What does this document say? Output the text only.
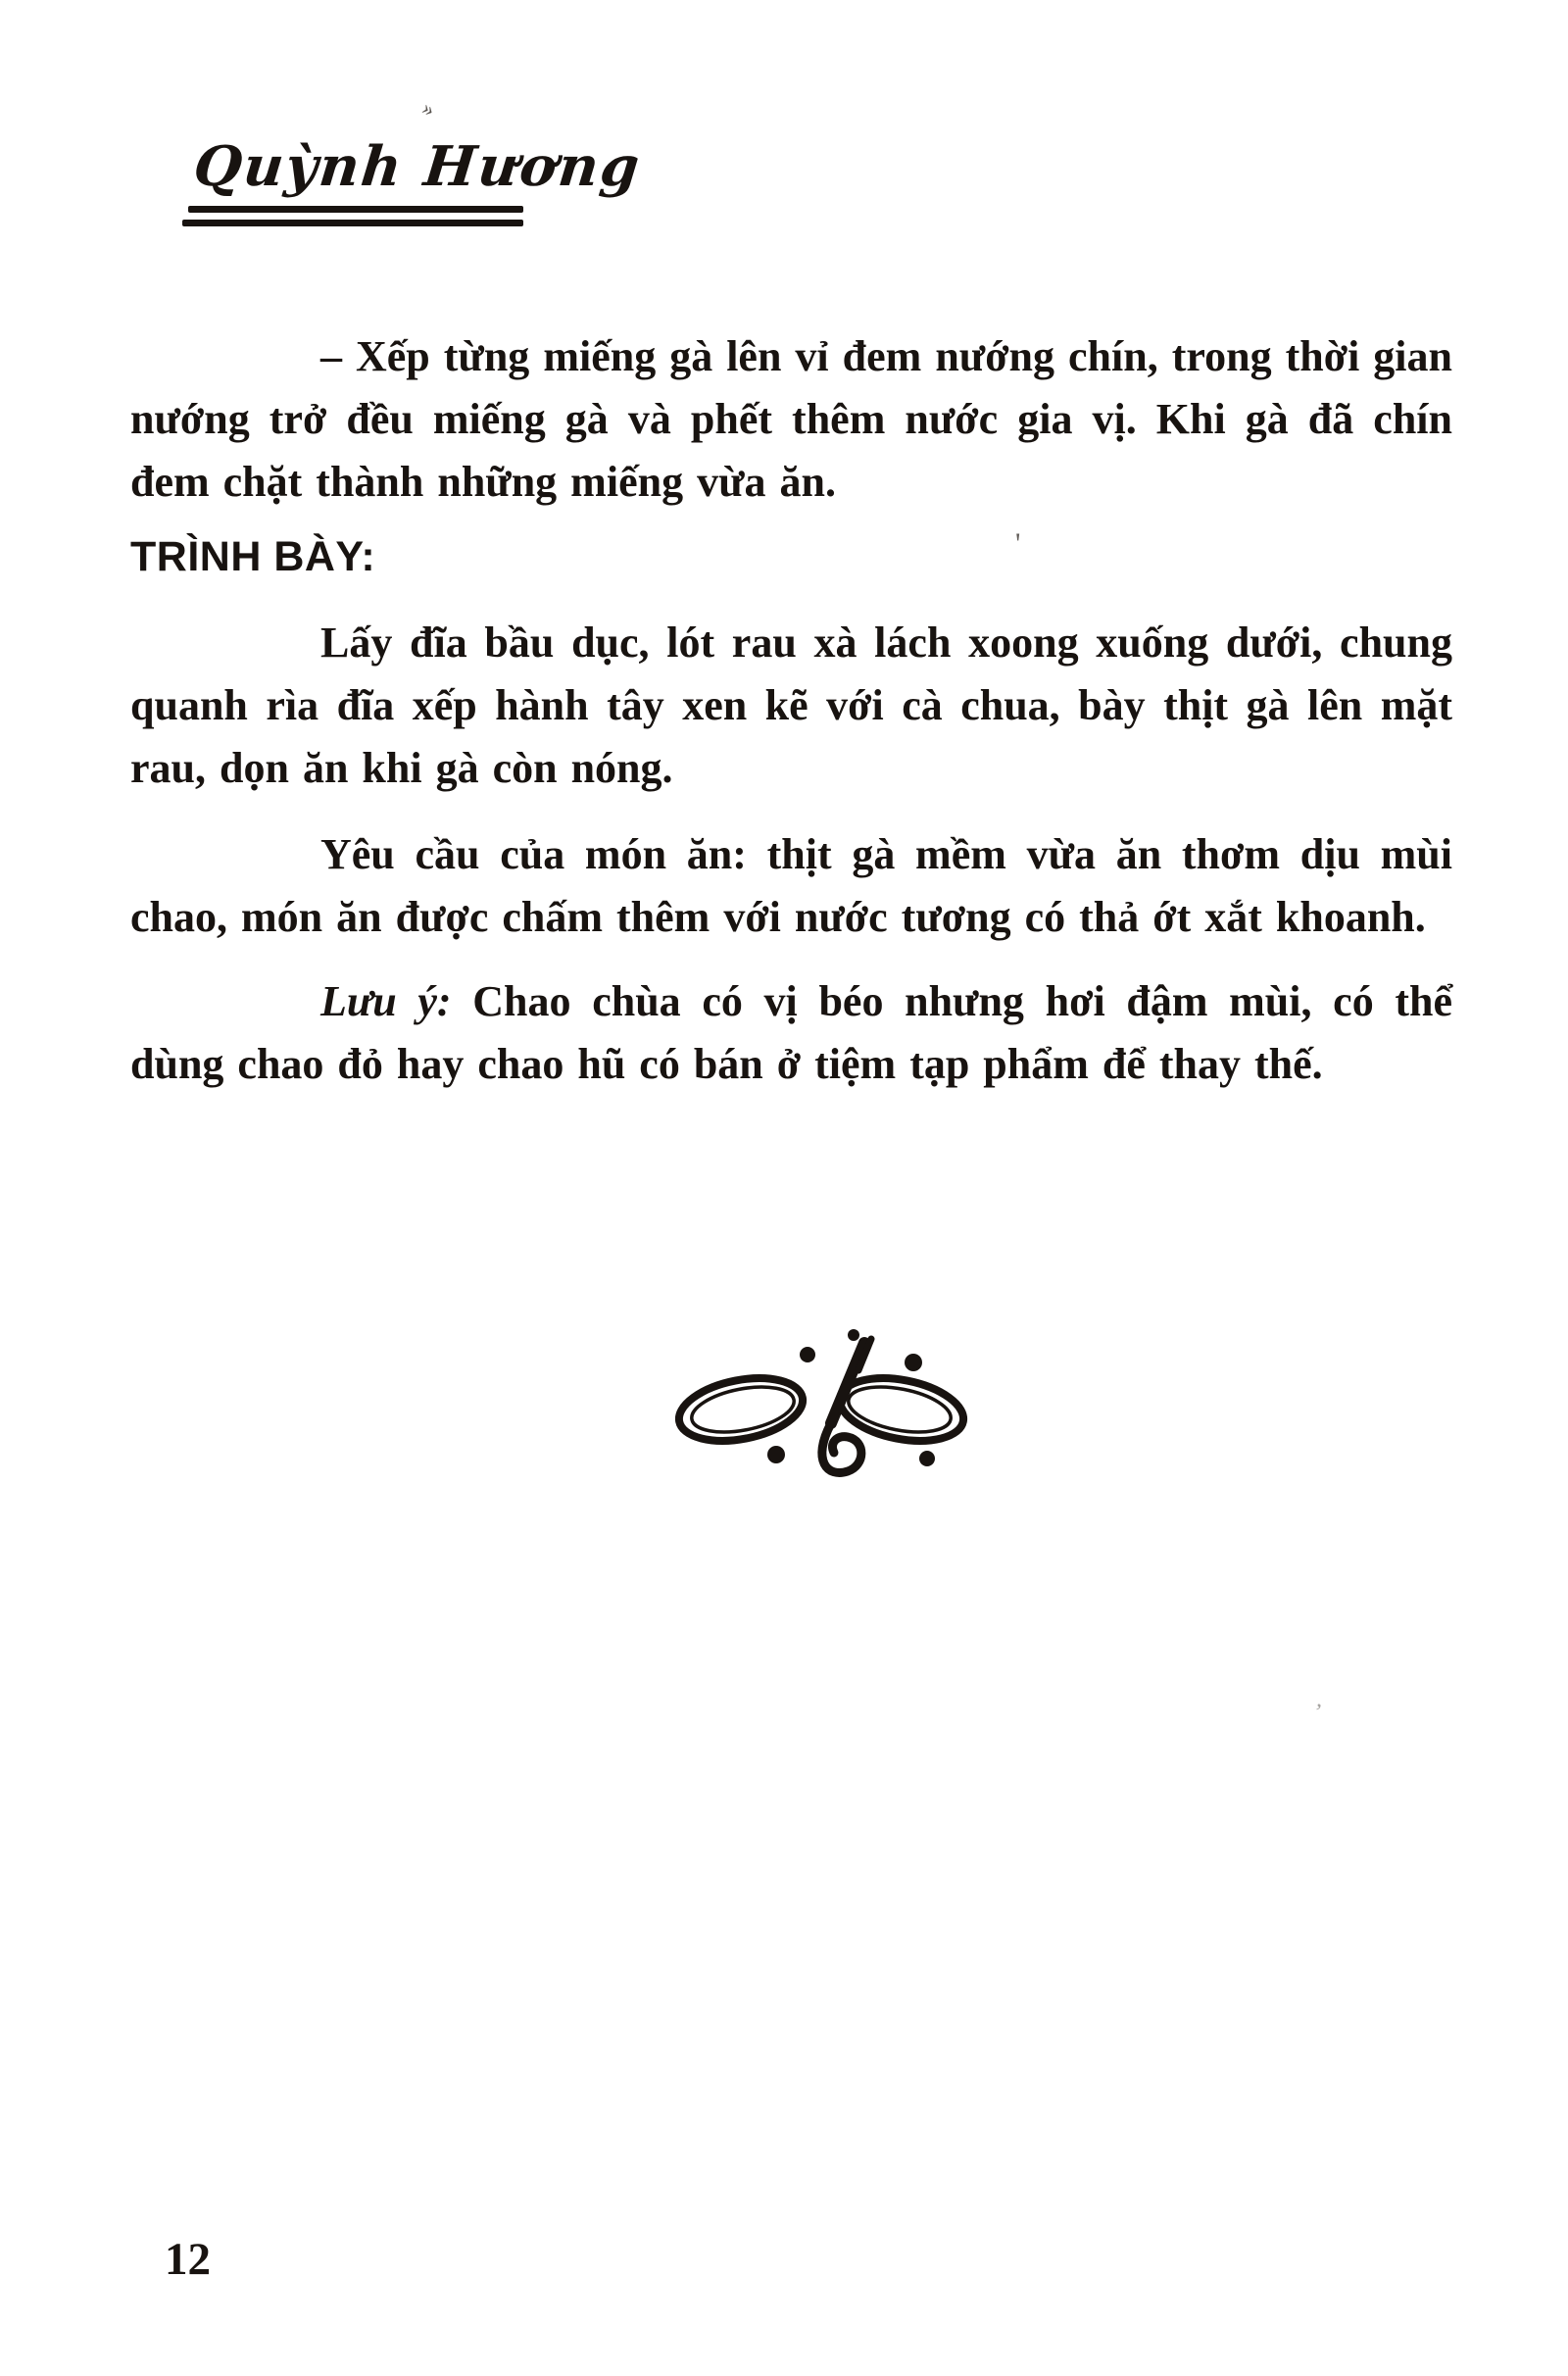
Quỳnh Hương
»
'
,

– Xếp từng miếng gà lên vỉ đem nướng chín, trong thời gian nướng trở đều miếng gà và phết thêm nước gia vị. Khi gà đã chín đem chặt thành những miếng vừa ăn.

TRÌNH BÀY:

Lấy đĩa bầu dục, lót rau xà lách xoong xuống dưới, chung quanh rìa đĩa xếp hành tây xen kẽ với cà chua, bày thịt gà lên mặt rau, dọn ăn khi gà còn nóng.

Yêu cầu của món ăn: thịt gà mềm vừa ăn thơm dịu mùi chao, món ăn được chấm thêm với nước tương có thả ớt xắt khoanh.

Lưu ý: Chao chùa có vị béo nhưng hơi đậm mùi, có thể dùng chao đỏ hay chao hũ có bán ở tiệm tạp phẩm để thay thế.

12
